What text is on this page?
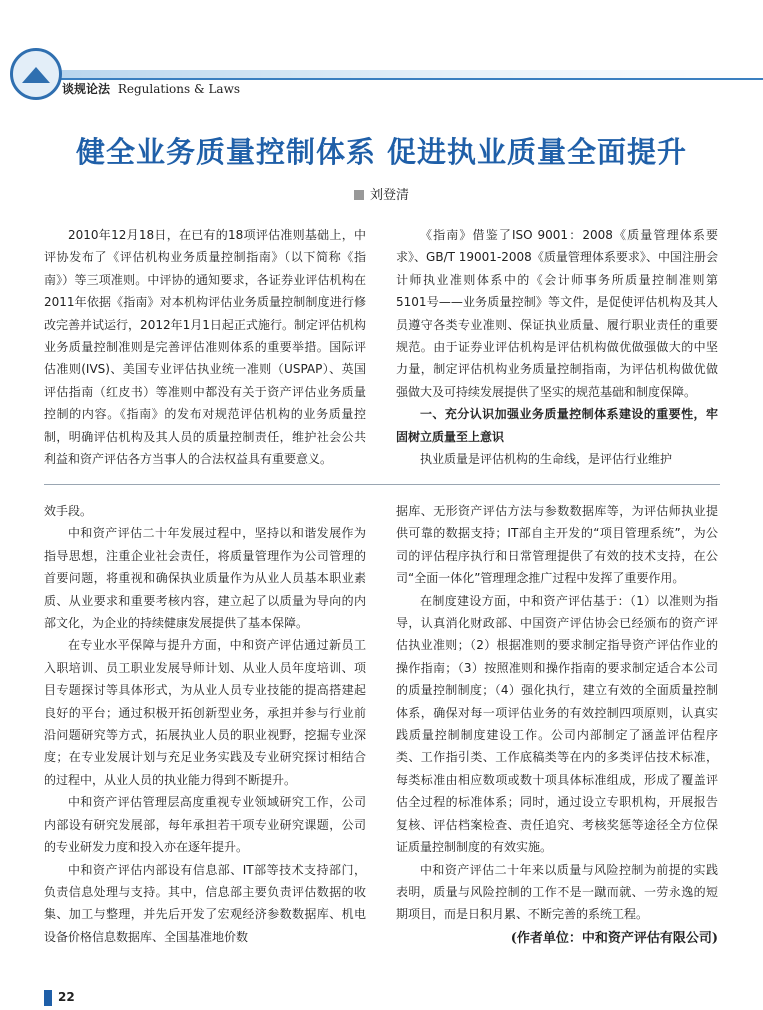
谈规论法 Regulations & Laws
健全业务质量控制体系 促进执业质量全面提升
刘登清

2010年12月18日，在已有的18项评估准则基础上，中评协发布了《评估机构业务质量控制指南》（以下简称《指南》）等三项准则。中评协的通知要求，各证券业评估机构在2011年依据《指南》对本机构评估业务质量控制制度进行修改完善并试运行，2012年1月1日起正式施行。制定评估机构业务质量控制准则是完善评估准则体系的重要举措。国际评估准则(IVS)、美国专业评估执业统一准则（USPAP）、英国评估指南（红皮书）等准则中都没有关于资产评估业务质量控制的内容。《指南》的发布对规范评估机构的业务质量控制，明确评估机构及其人员的质量控制责任，维护社会公共利益和资产评估各方当事人的合法权益具有重要意义。

《指南》借鉴了ISO 9001：2008《质量管理体系要求》、GB/T 19001-2008《质量管理体系要求》、中国注册会计师执业准则体系中的《会计师事务所质量控制准则第 5101号——业务质量控制》等文件，是促使评估机构及其人员遵守各类专业准则、保证执业质量、履行职业责任的重要规范。由于证券业评估机构是评估机构做优做强做大的中坚力量，制定评估机构业务质量控制指南，为评估机构做优做强做大及可持续发展提供了坚实的规范基础和制度保障。

一、充分认识加强业务质量控制体系建设的重要性，牢固树立质量至上意识

执业质量是评估机构的生命线，是评估行业维护

效手段。

中和资产评估二十年发展过程中，坚持以和谐发展作为指导思想，注重企业社会责任，将质量管理作为公司管理的首要问题，将重视和确保执业质量作为从业人员基本职业素质、从业要求和重要考核内容，建立起了以质量为导向的内部文化，为企业的持续健康发展提供了基本保障。

在专业水平保障与提升方面，中和资产评估通过新员工入职培训、员工职业发展导师计划、从业人员年度培训、项目专题探讨等具体形式，为从业人员专业技能的提高搭建起良好的平台；通过积极开拓创新型业务，承担并参与行业前沿问题研究等方式，拓展执业人员的职业视野，挖掘专业深度；在专业发展计划与充足业务实践及专业研究探讨相结合的过程中，从业人员的执业能力得到不断提升。

中和资产评估管理层高度重视专业领域研究工作，公司内部设有研究发展部，每年承担若干项专业研究课题，公司的专业研发力度和投入亦在逐年提升。

中和资产评估内部设有信息部、IT部等技术支持部门，负责信息处理与支持。其中，信息部主要负责评估数据的收集、加工与整理，并先后开发了宏观经济参数数据库、机电设备价格信息数据库、全国基准地价数

据库、无形资产评估方法与参数数据库等，为评估师执业提供可靠的数据支持；IT部自主开发的“项目管理系统”，为公司的评估程序执行和日常管理提供了有效的技术支持，在公司“全面一体化”管理理念推广过程中发挥了重要作用。

在制度建设方面，中和资产评估基于：（1）以准则为指导，认真消化财政部、中国资产评估协会已经颁布的资产评估执业准则；（2）根据准则的要求制定指导资产评估作业的操作指南；（3）按照准则和操作指南的要求制定适合本公司的质量控制制度；（4）强化执行，建立有效的全面质量控制体系，确保对每一项评估业务的有效控制四项原则，认真实践质量控制制度建设工作。公司内部制定了涵盖评估程序类、工作指引类、工作底稿类等在内的多类评估技术标准，每类标准由相应数项或数十项具体标准组成，形成了覆盖评估全过程的标准体系；同时，通过设立专职机构，开展报告复核、评估档案检查、责任追究、考核奖惩等途径全方位保证质量控制制度的有效实施。

中和资产评估二十年来以质量与风险控制为前提的实践表明，质量与风险控制的工作不是一蹴而就、一劳永逸的短期项目，而是日积月累、不断完善的系统工程。

(作者单位：中和资产评估有限公司)

22
